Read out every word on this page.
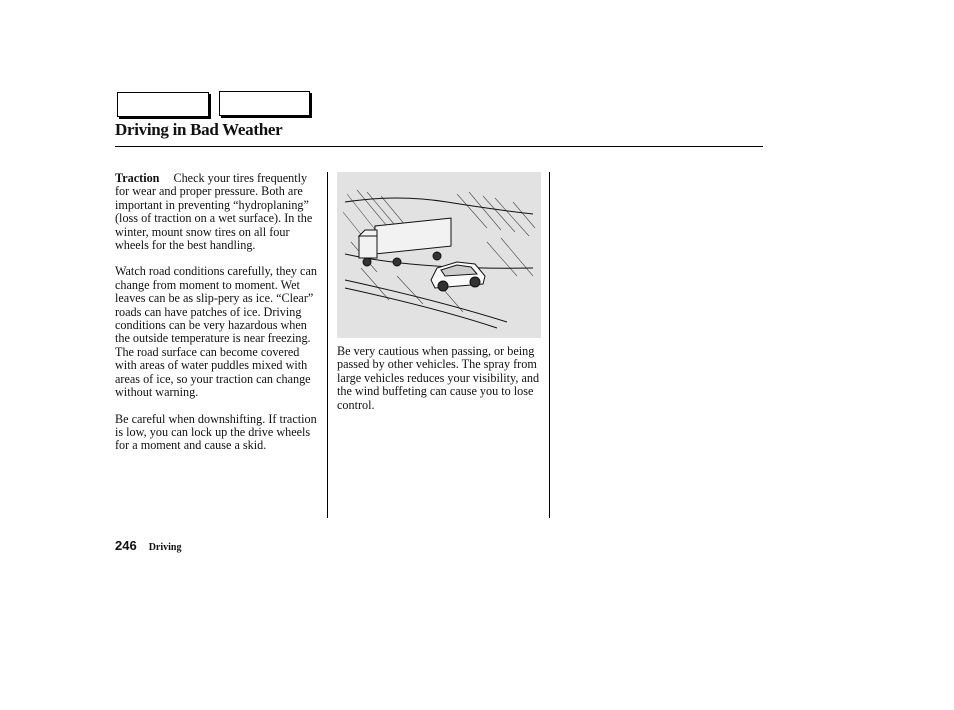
Driving in Bad Weather

Traction Check your tires frequently for wear and proper pressure. Both are important in preventing “hydroplaning” (loss of traction on a wet surface). In the winter, mount snow tires on all four wheels for the best handling.

Watch road conditions carefully, they can change from moment to moment. Wet leaves can be as slip-pery as ice. “Clear” roads can have patches of ice. Driving conditions can be very hazardous when the outside temperature is near freezing. The road surface can become covered with areas of water puddles mixed with areas of ice, so your traction can change without warning.

Be careful when downshifting. If traction is low, you can lock up the drive wheels for a moment and cause a skid.

Be very cautious when passing, or being passed by other vehicles. The spray from large vehicles reduces your visibility, and the wind buffeting can cause you to lose control.

246 Driving
